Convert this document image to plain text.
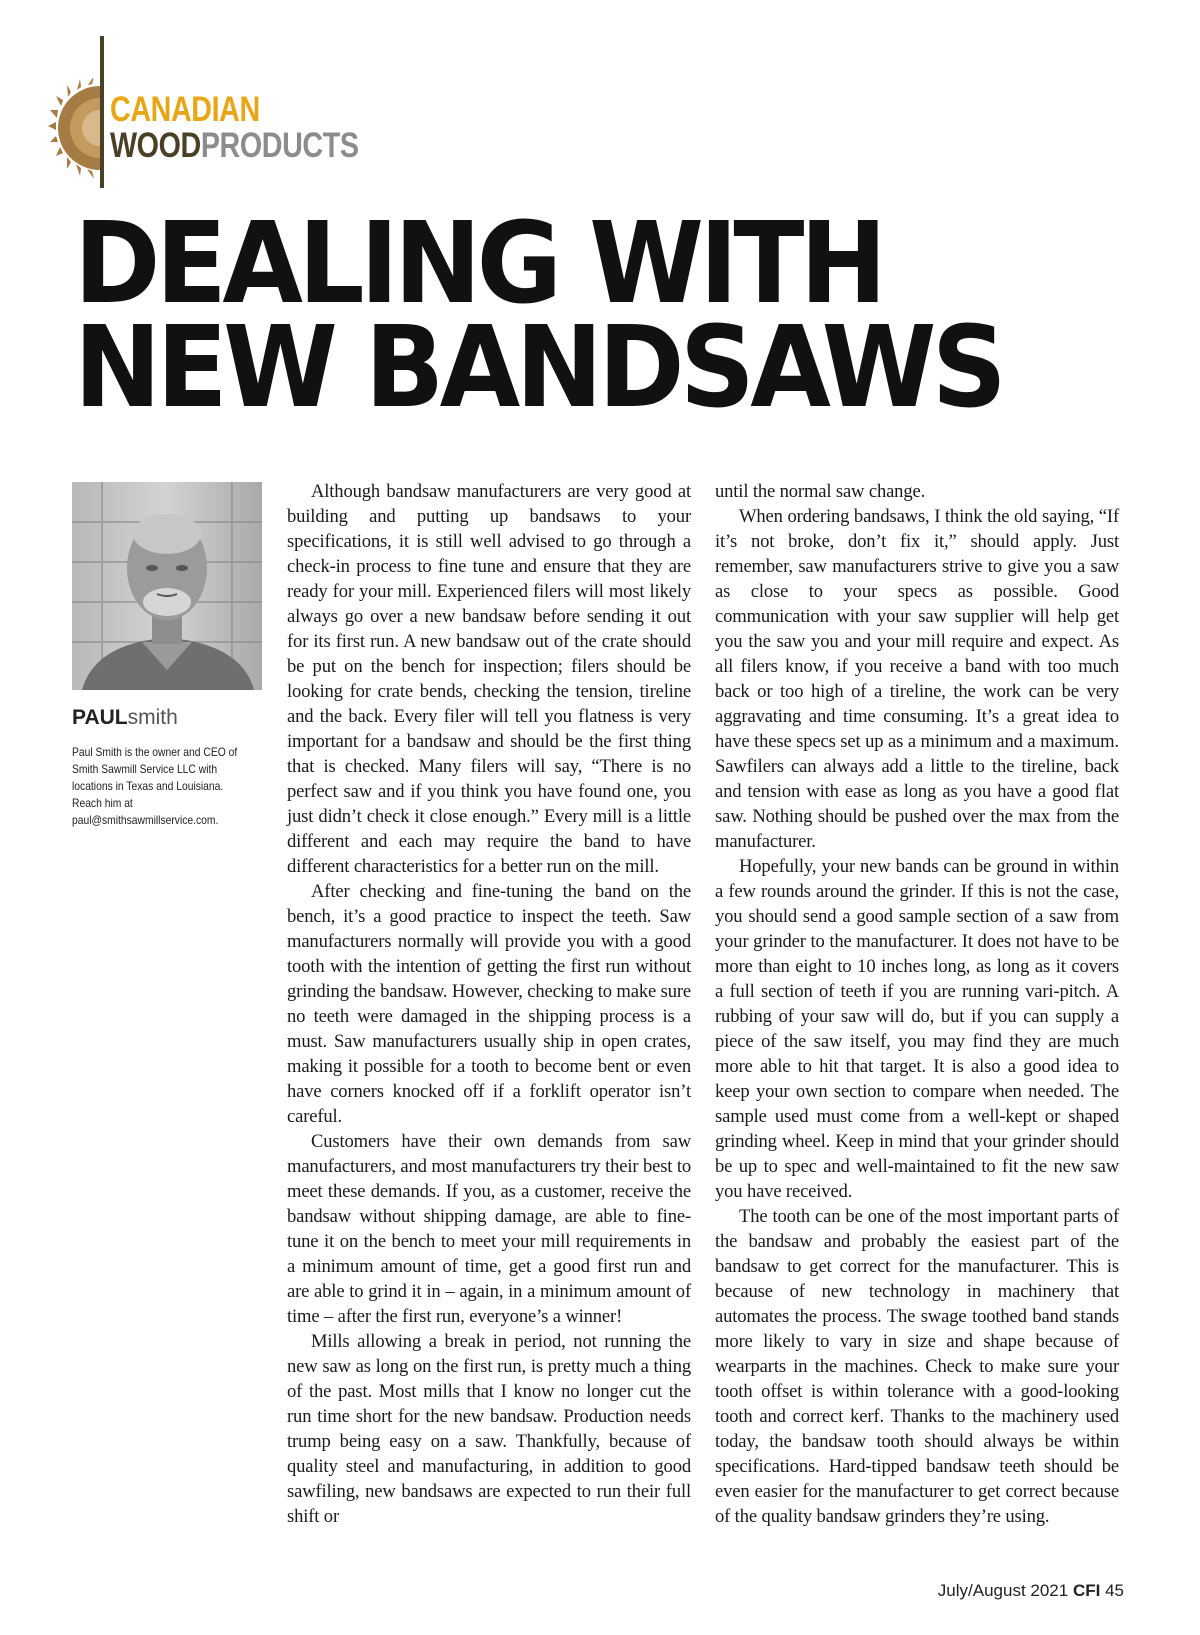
CANADIAN
WOODPRODUCTS
DEALING WITH
NEW BANDSAWS
PAULsmith
Paul Smith is the owner and CEO of Smith Sawmill Service LLC with locations in Texas and Louisiana. Reach him at paul@smithsawmillservice.com.

Although bandsaw manufacturers are very good at building and putting up bandsaws to your specifications, it is still well advised to go through a check-in process to fine tune and ensure that they are ready for your mill. Experienced filers will most likely always go over a new bandsaw before sending it out for its first run. A new bandsaw out of the crate should be put on the bench for inspection; filers should be looking for crate bends, checking the tension, tireline and the back. Every filer will tell you flatness is very important for a bandsaw and should be the first thing that is checked. Many filers will say, “There is no perfect saw and if you think you have found one, you just didn’t check it close enough.” Every mill is a little different and each may require the band to have different characteristics for a better run on the mill.

After checking and fine-tuning the band on the bench, it’s a good practice to inspect the teeth. Saw manufacturers normally will provide you with a good tooth with the intention of getting the first run without grinding the bandsaw. However, checking to make sure no teeth were damaged in the shipping process is a must. Saw manufacturers usually ship in open crates, making it possible for a tooth to become bent or even have corners knocked off if a forklift operator isn’t careful.

Customers have their own demands from saw manufacturers, and most manufacturers try their best to meet these demands. If you, as a customer, receive the bandsaw without shipping damage, are able to fine-tune it on the bench to meet your mill requirements in a minimum amount of time, get a good first run and are able to grind it in – again, in a minimum amount of time – after the first run, everyone’s a winner!

Mills allowing a break in period, not running the new saw as long on the first run, is pretty much a thing of the past. Most mills that I know no longer cut the run time short for the new bandsaw. Production needs trump being easy on a saw. Thankfully, because of quality steel and manufacturing, in addition to good sawfiling, new bandsaws are expected to run their full shift or

until the normal saw change.

When ordering bandsaws, I think the old saying, “If it’s not broke, don’t fix it,” should apply. Just remember, saw manufacturers strive to give you a saw as close to your specs as possible. Good communication with your saw supplier will help get you the saw you and your mill require and expect. As all filers know, if you receive a band with too much back or too high of a tireline, the work can be very aggravating and time consuming. It’s a great idea to have these specs set up as a minimum and a maximum. Sawfilers can always add a little to the tireline, back and tension with ease as long as you have a good flat saw. Nothing should be pushed over the max from the manufacturer.

Hopefully, your new bands can be ground in within a few rounds around the grinder. If this is not the case, you should send a good sample section of a saw from your grinder to the manufacturer. It does not have to be more than eight to 10 inches long, as long as it covers a full section of teeth if you are running vari-pitch. A rubbing of your saw will do, but if you can supply a piece of the saw itself, you may find they are much more able to hit that target. It is also a good idea to keep your own section to compare when needed. The sample used must come from a well-kept or shaped grinding wheel. Keep in mind that your grinder should be up to spec and well-maintained to fit the new saw you have received.

The tooth can be one of the most important parts of the bandsaw and probably the easiest part of the bandsaw to get correct for the manufacturer. This is because of new technology in machinery that automates the process. The swage toothed band stands more likely to vary in size and shape because of wearparts in the machines. Check to make sure your tooth offset is within tolerance with a good-looking tooth and correct kerf. Thanks to the machinery used today, the bandsaw tooth should always be within specifications. Hard-tipped bandsaw teeth should be even easier for the manufacturer to get correct because of the quality bandsaw grinders they’re using.

July/August 2021 CFI 45
